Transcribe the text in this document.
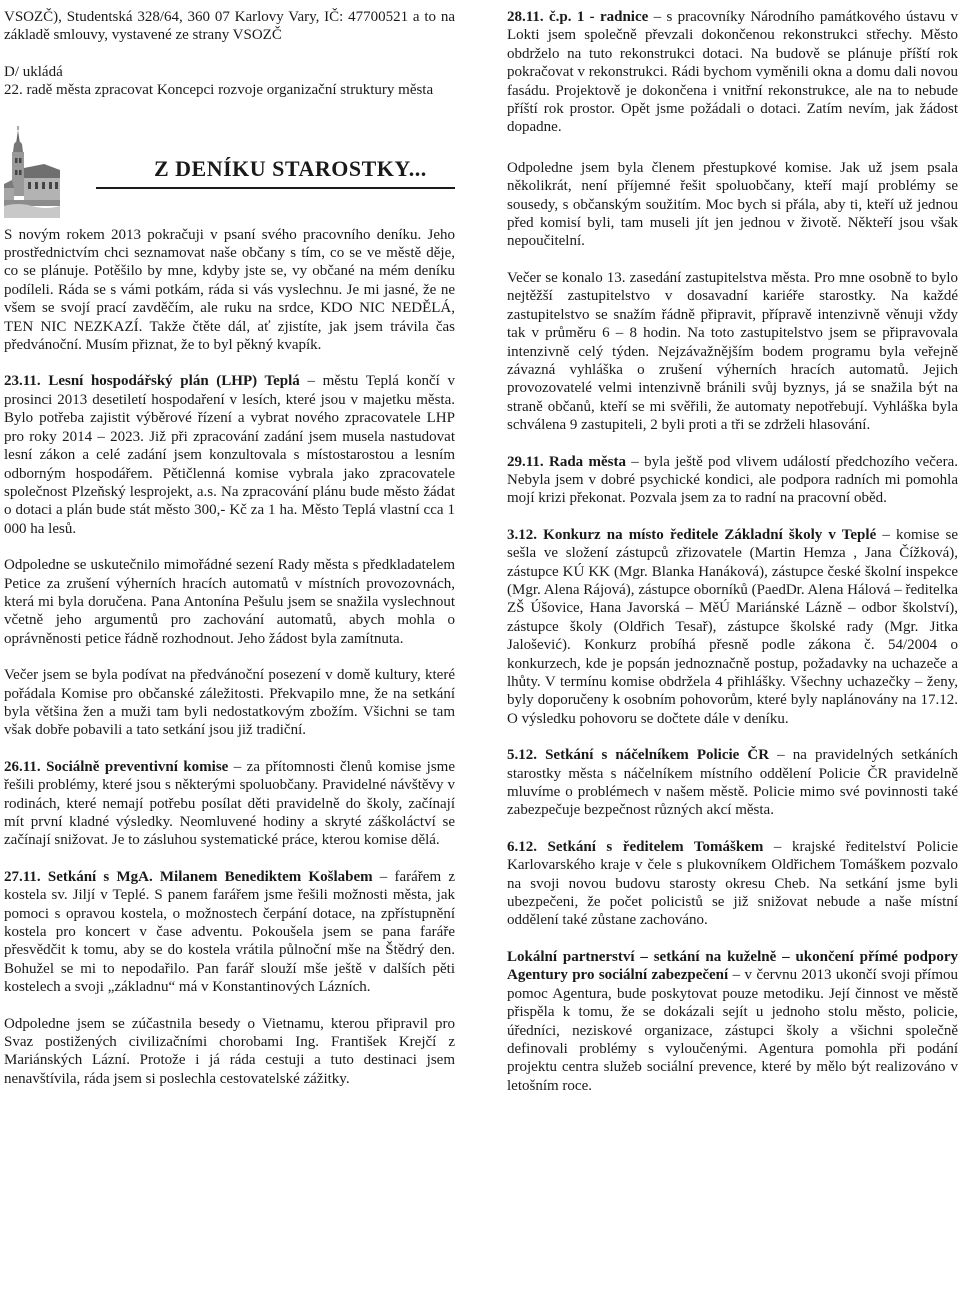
VSOZČ), Studentská 328/64, 360 07 Karlovy Vary, IČ: 47700521 a to na základě smlouvy, vystavené ze strany VSOZČ

D/ ukládá

22. radě města zpracovat Koncepci rozvoje organizační struktury města

Z DENÍKU STAROSTKY...

S novým rokem 2013 pokračuji v psaní svého pracovního deníku. Jeho prostřednictvím chci seznamovat naše občany s tím, co se ve městě děje, co se plánuje. Potěšilo by mne, kdyby jste se, vy občané na mém deníku podíleli. Ráda se s vámi potkám, ráda si vás vyslechnu. Je mi jasné, že ne všem se svojí prací zavděčím, ale ruku na srdce, KDO NIC NEDĚLÁ, TEN NIC NEZKAZÍ. Takže čtěte dál, ať zjistíte, jak jsem trávila čas předvánoční. Musím přiznat, že to byl pěkný kvapík.

23.11. Lesní hospodářský plán (LHP) Teplá – městu Teplá končí v prosinci 2013 desetiletí hospodaření v lesích, které jsou v majetku města. Bylo potřeba zajistit výběrové řízení a vybrat nového zpracovatele LHP pro roky 2014 – 2023. Již při zpracování zadání jsem musela nastudovat lesní zákon a celé zadání jsem konzultovala s místostarostou a lesním odborným hospodářem. Pětičlenná komise vybrala jako zpracovatele společnost Plzeňský lesprojekt, a.s. Na zpracování plánu bude město žádat o dotaci a plán bude stát město 300,- Kč za 1 ha. Město Teplá vlastní cca 1 000 ha lesů.

Odpoledne se uskutečnilo mimořádné sezení Rady města s předkladatelem Petice za zrušení výherních hracích automatů v místních provozovnách, která mi byla doručena. Pana Antonína Pešulu jsem se snažila vyslechnout včetně jeho argumentů pro zachování automatů, abych mohla o oprávněnosti petice řádně rozhodnout. Jeho žádost byla zamítnuta.

Večer jsem se byla podívat na předvánoční posezení v domě kultury, které pořádala Komise pro občanské záležitosti. Překvapilo mne, že na setkání byla většina žen a muži tam byli nedostatkovým zbožím. Všichni se tam však dobře pobavili a tato setkání jsou již tradiční.

26.11. Sociálně preventivní komise – za přítomnosti členů komise jsme řešili problémy, které jsou s některými spoluobčany. Pravidelné návštěvy v rodinách, které nemají potřebu posílat děti pravidelně do školy, začínají mít první kladné výsledky. Neomluvené hodiny a skryté záškoláctví se začínají snižovat. Je to zásluhou systematické práce, kterou komise dělá.

27.11. Setkání s MgA. Milanem Benediktem Košlabem – farářem z kostela sv. Jiljí v Teplé. S panem farářem jsme řešili možnosti města, jak pomoci s opravou kostela, o možnostech čerpání dotace, na zpřístupnění kostela pro koncert v čase adventu. Pokoušela jsem se pana faráře přesvědčit k tomu, aby se do kostela vrátila půlnoční mše na Štědrý den. Bohužel se mi to nepodařilo. Pan farář slouží mše ještě v dalších pěti kostelech a svoji „základnu“ má v Konstantinových Lázních.

Odpoledne jsem se zúčastnila besedy o Vietnamu, kterou připravil pro Svaz postižených civilizačními chorobami Ing. František Krejčí z Mariánských Lázní. Protože i já ráda cestuji a tuto destinaci jsem nenavštívila, ráda jsem si poslechla cestovatelské zážitky.

28.11. č.p. 1 - radnice – s pracovníky Národního památkového ústavu v Lokti jsem společně převzali dokončenou rekonstrukci střechy. Město obdrželo na tuto rekonstrukci dotaci. Na budově se plánuje příští rok pokračovat v rekonstrukci. Rádi bychom vyměnili okna a domu dali novou fasádu. Projektově je dokončena i vnitřní rekonstrukce, ale na to nebude příští rok prostor. Opět jsme požádali o dotaci. Zatím nevím, jak žádost dopadne.

Odpoledne jsem byla členem přestupkové komise. Jak už jsem psala několikrát, není příjemné řešit spoluobčany, kteří mají problémy se sousedy, s občanským soužitím. Moc bych si přála, aby ti, kteří už jednou před komisí byli, tam museli jít jen jednou v životě. Někteří jsou však nepoučitelní.

Večer se konalo 13. zasedání zastupitelstva města. Pro mne osobně to bylo nejtěžší zastupitelstvo v dosavadní kariéře starostky. Na každé zastupitelstvo se snažím řádně připravit, přípravě intenzivně věnuji vždy tak v průměru 6 – 8 hodin. Na toto zastupitelstvo jsem se připravovala intenzivně celý týden. Nejzávažnějším bodem programu byla veřejně závazná vyhláška o zrušení výherních hracích automatů. Jejich provozovatelé velmi intenzivně bránili svůj byznys, já se snažila být na straně občanů, kteří se mi svěřili, že automaty nepotřebují. Vyhláška byla schválena 9 zastupiteli, 2 byli proti a tři se zdrželi hlasování.

29.11. Rada města – byla ještě pod vlivem událostí předchozího večera. Nebyla jsem v dobré psychické kondici, ale podpora radních mi pomohla mojí krizi překonat. Pozvala jsem za to radní na pracovní oběd.

3.12. Konkurz na místo ředitele Základní školy v Teplé – komise se sešla ve složení zástupců zřizovatele (Martin Hemza , Jana Čížková), zástupce KÚ KK (Mgr. Blanka Hanáková), zástupce české školní inspekce (Mgr. Alena Rájová), zástupce oborníků (PaedDr. Alena Hálová – ředitelka ZŠ Úšovice, Hana Javorská – MěÚ Mariánské Lázně – odbor školství), zástupce školy (Oldřich Tesař), zástupce školské rady (Mgr. Jitka Jalošević). Konkurz probíhá přesně podle zákona č. 54/2004 o konkurzech, kde je popsán jednoznačně postup, požadavky na uchazeče a lhůty. V termínu komise obdržela 4 přihlášky. Všechny uchazečky – ženy, byly doporučeny k osobním pohovorům, které byly naplánovány na 17.12. O výsledku pohovoru se dočtete dále v deníku.

5.12. Setkání s náčelníkem Policie ČR – na pravidelných setkáních starostky města s náčelníkem místního oddělení Policie ČR pravidelně mluvíme o problémech v našem městě. Policie mimo své povinnosti také zabezpečuje bezpečnost různých akcí města.

6.12. Setkání s ředitelem Tomáškem – krajské ředitelství Policie Karlovarského kraje v čele s plukovníkem Oldřichem Tomáškem pozvalo na svoji novou budovu starosty okresu Cheb. Na setkání jsme byli ubezpečeni, že počet policistů se již snižovat nebude a naše místní oddělení také zůstane zachováno.

Lokální partnerství – setkání na kuželně – ukončení přímé podpory Agentury pro sociální zabezpečení – v červnu 2013 ukončí svoji přímou pomoc Agentura, bude poskytovat pouze metodiku. Její činnost ve městě přispěla k tomu, že se dokázali sejít u jednoho stolu město, policie, úředníci, neziskové organizace, zástupci školy a všichni společně definovali problémy s vyloučenými. Agentura pomohla při podání projektu centra služeb sociální prevence, které by mělo být realizováno v letošním roce.
